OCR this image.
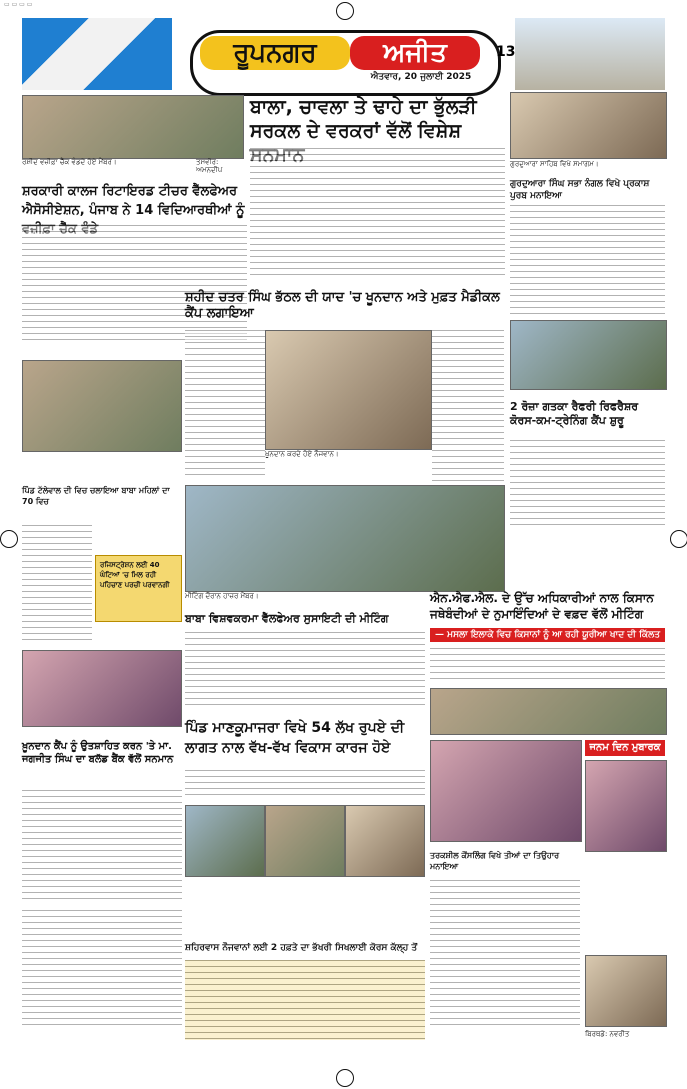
▭ ▭ ▭ ▭
ਰੂਪਨਗਰ	ਅਜੀਤ
ਐਤਵਾਰ, 20 ਜੁਲਾਈ 2025
13
ਰਸ਼ੀਦ ਵਜ਼ੀਫ਼ਾ ਚੈੱਕ ਵੰਡਦੇ ਹੋਏ ਮੈਂਬਰ।	ਤਸਵੀਰ: ਅਮਨਦੀਪ
ਬਾਲਾ, ਚਾਵਲਾ ਤੇ ਢਾਹੇ ਦਾ ਭੁੱਲੜੀ ਸਰਕਲ ਦੇ ਵਰਕਰਾਂ ਵੱਲੋਂ ਵਿਸ਼ੇਸ਼ ਸਨਮਾਨ	ਗੁਰਦੁਆਰਾ ਸਾਹਿਬ ਵਿਖੇ ਸਮਾਗਮ।
ਸ਼ਰਕਾਰੀ ਕਾਲਜ ਰਿਟਾਇਰਡ ਟੀਚਰ ਵੈੱਲਫੇਅਰ ਐਸੋਸੀਏਸ਼ਨ, ਪੰਜਾਬ ਨੇ 14 ਵਿਦਿਆਰਥੀਆਂ ਨੂੰ ਵਜ਼ੀਫ਼ਾ ਚੈੱਕ ਵੰਡੇ
ਗੁਰਦੁਆਰਾ ਸਿੰਘ ਸਭਾ ਨੰਗਲ ਵਿਖੇ ਪ੍ਰਕਾਸ਼ ਪੁਰਬ ਮਨਾਇਆ
ਸ਼ਹੀਦ ਚਤਰ ਸਿੰਘ ਭੱਠਲ ਦੀ ਯਾਦ 'ਚ ਖੂਨਦਾਨ ਅਤੇ ਮੁਫ਼ਤ ਮੈਡੀਕਲ ਕੈਂਪ ਲਗਾਇਆ
ਖ਼ੂਨਦਾਨ ਕਰਦੇ ਹੋਏ ਨੌਜਵਾਨ।
2 ਰੋਜ਼ਾ ਗਤਕਾ ਰੈਫਰੀ ਰਿਫਰੈਸ਼ਰ ਕੋਰਸ-ਕਮ-ਟ੍ਰੇਨਿੰਗ ਕੈਂਪ ਸ਼ੁਰੂ
ਪਿੰਡ ਟੱਲੇਵਾਲ ਦੀ ਵਿਚ ਚਲਾਇਆ ਬਾਬਾ ਮਹਿਲਾਂ ਦਾ 70 ਵਿਚ
ਰਜਿਸਟ੍ਰੇਸ਼ਨ ਲਈ 40 ਘੰਟਿਆਂ 'ਚ ਮਿਲ ਰਹੀ ਪਹਿਚਾਣ ਪਰਚੀ ਪਰਵਾਨਗੀ
ਮੀਟਿੰਗ ਦੌਰਾਨ ਹਾਜ਼ਰ ਮੈਂਬਰ।	ਐਨ.ਐਫ.ਐਲ. ਦੇ ਉੱਚ ਅਧਿਕਾਰੀਆਂ ਨਾਲ ਕਿਸਾਨ ਜਥੇਬੰਦੀਆਂ ਦੇ ਨੁਮਾਇੰਦਿਆਂ ਦੇ ਵਫ਼ਦ ਵੱਲੋਂ ਮੀਟਿੰਗ
— ਮਸਲਾ ਇਲਾਕੇ ਵਿਚ ਕਿਸਾਨਾਂ ਨੂੰ ਆ ਰਹੀ ਯੂਰੀਆ ਖਾਦ ਦੀ ਕਿੱਲਤ ਦਾ —
ਬਾਬਾ ਵਿਸ਼ਵਕਰਮਾ ਵੈੱਲਫੇਅਰ ਸੁਸਾਇਟੀ ਦੀ ਮੀਟਿੰਗ
ਖ਼ੂਨਦਾਨ ਕੈਂਪ ਨੂੰ ਉਤਸ਼ਾਹਿਤ ਕਰਨ 'ਤੇ ਮਾ. ਜਗਜੀਤ ਸਿੰਘ ਦਾ ਬਲੱਡ ਬੈਂਕ ਵੱਲੋਂ ਸਨਮਾਨ
ਪਿੰਡ ਮਾਣਕੂਮਾਜਰਾ ਵਿਖੇ 54 ਲੱਖ ਰੁਪਏ ਦੀ ਲਾਗਤ ਨਾਲ ਵੱਖ-ਵੱਖ ਵਿਕਾਸ ਕਾਰਜ ਹੋਏ
ਤਰਕਸ਼ੀਲ ਕੌਂਸਲਿੰਗ ਵਿਖੇ ਤੀਆਂ ਦਾ ਤਿਉਹਾਰ ਮਨਾਇਆ
ਜਨਮ ਦਿਨ ਮੁਬਾਰਕ
ਬਿਰਥਡੇ: ਨਵਰੀਤ
ਸ਼ਹਿਰਵਾਸ ਨੌਜਵਾਨਾਂ ਲਈ 2 ਹਫ਼ਤੇ ਦਾ ਭੱਖਰੀ ਸਿਖਲਾਈ ਕੋਰਸ ਕੱਲ੍ਹ ਤੋਂ
